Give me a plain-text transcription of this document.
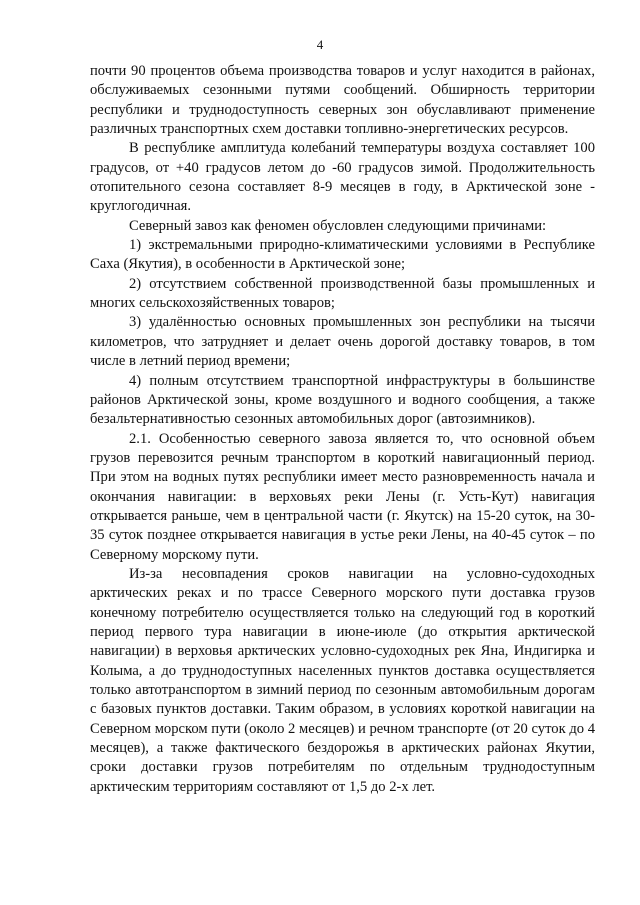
4

почти 90 процентов объема производства товаров и услуг находится в районах, обслуживаемых сезонными путями сообщений. Обширность территории республики и труднодоступность северных зон обуславливают применение различных транспортных схем доставки топливно-энергетических ресурсов.

В республике амплитуда колебаний температуры воздуха составляет 100 градусов, от +40 градусов летом до -60 градусов зимой. Продолжительность отопительного сезона составляет 8-9 месяцев в году, в Арктической зоне - круглогодичная.

Северный завоз как феномен обусловлен следующими причинами:

1) экстремальными природно-климатическими условиями в Республике Саха (Якутия), в особенности в Арктической зоне;

2) отсутствием собственной производственной базы промышленных и многих сельскохозяйственных товаров;

3) удалённостью основных промышленных зон республики на тысячи километров, что затрудняет и делает очень дорогой доставку товаров, в том числе в летний период времени;

4) полным отсутствием транспортной инфраструктуры в большинстве районов Арктической зоны, кроме воздушного и водного сообщения, а также безальтернативностью сезонных автомобильных дорог (автозимников).

2.1. Особенностью северного завоза является то, что основной объем грузов перевозится речным транспортом в короткий навигационный период. При этом на водных путях республики имеет место разновременность начала и окончания навигации: в верховьях реки Лены (г. Усть-Кут) навигация открывается раньше, чем в центральной части (г. Якутск) на 15-20 суток, на 30-35 суток позднее открывается навигация в устье реки Лены, на 40-45 суток – по Северному морскому пути.

Из-за несовпадения сроков навигации на условно-судоходных арктических реках и по трассе Северного морского пути доставка грузов конечному потребителю осуществляется только на следующий год в короткий период первого тура навигации в июне-июле (до открытия арктической навигации) в верховья арктических условно-судоходных рек Яна, Индигирка и Колыма, а до труднодоступных населенных пунктов доставка осуществляется только автотранспортом в зимний период по сезонным автомобильным дорогам с базовых пунктов доставки. Таким образом, в условиях короткой навигации на Северном морском пути (около 2 месяцев) и речном транспорте (от 20 суток до 4 месяцев), а также фактического бездорожья в арктических районах Якутии, сроки доставки грузов потребителям по отдельным труднодоступным арктическим территориям составляют от 1,5 до 2-х лет.
